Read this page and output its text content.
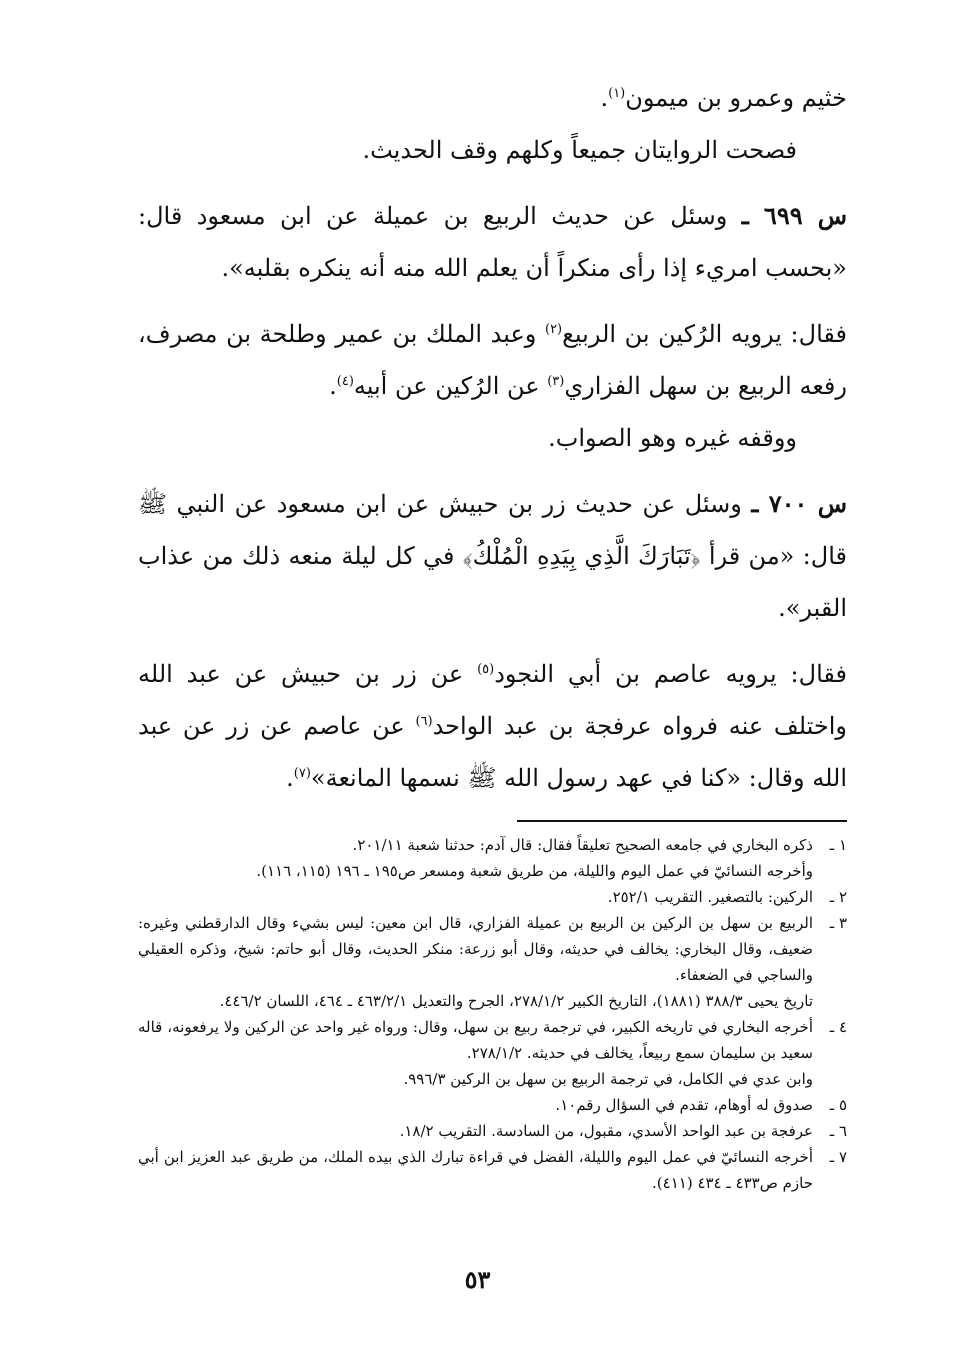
خثيم وعمرو بن ميمون$^{(١)}$.

فصحت الروايتان جميعاً وكلهم وقف الحديث.

س ٦٩٩ ـ وسئل عن حديث الربيع بن عميلة عن ابن مسعود قال: «بحسب امريء إذا رأى منكراً أن يعلم الله منه أنه ينكره بقلبه».

فقال: يرويه الرُكين بن الربيع$^{(٢)}$ وعبد الملك بن عمير وطلحة بن مصرف، رفعه الربيع بن سهل الفزاري$^{(٣)}$ عن الرُكين عن أبيه$^{(٤)}$.

ووقفه غيره وهو الصواب.

س ٧٠٠ ـ وسئل عن حديث زر بن حبيش عن ابن مسعود عن النبي ﷺ قال: «من قرأ ﴿تَبَارَكَ الَّذِي بِيَدِهِ الْمُلْكُ﴾ في كل ليلة منعه ذلك من عذاب القبر».

فقال: يرويه عاصم بن أبي النجود$^{(٥)}$ عن زر بن حبيش عن عبد الله واختلف عنه فرواه عرفجة بن عبد الواحد$^{(٦)}$ عن عاصم عن زر عن عبد الله وقال: «كنا في عهد رسول الله ﷺ نسمها المانعة»$^{(٧)}$.

١ ـ
ذكره البخاري في جامعه الصحيح تعليقاً فقال: قال آدم: حدثنا شعبة ٢٠١/١١.
وأخرجه النسائيّ في عمل اليوم والليلة، من طريق شعبة ومسعر ص١٩٥ ـ ١٩٦ (١١٥، ١١٦).
٢ ـ
الركين: بالتصغير. التقريب ٢٥٢/١.
٣ ـ
الربيع بن سهل بن الركين بن الربيع بن عميلة الفزاري، قال ابن معين: ليس بشيء وقال الدارقطني وغيره: ضعيف، وقال البخاري: يخالف في حديثه، وقال أبو زرعة: منكر الحديث، وقال أبو حاتم: شيخ، وذكره العقيلي والساجي في الضعفاء.
تاريخ يحيى ٣٨٨/٣ (١٨٨١)، التاريخ الكبير ٢٧٨/١/٢، الجرح والتعديل ٤٦٣/٢/١ ـ ٤٦٤، اللسان ٤٤٦/٢.
٤ ـ
أخرجه البخاري في تاريخه الكبير، في ترجمة ربيع بن سهل، وقال: ورواه غير واحد عن الركين ولا يرفعونه، قاله سعيد بن سليمان سمع ربيعاً، يخالف في حديثه. ٢٧٨/١/٢.
وابن عدي في الكامل، في ترجمة الربيع بن سهل بن الركين ٩٩٦/٣.
٥ ـ
صدوق له أوهام، تقدم في السؤال رقم١٠.
٦ ـ
عرفجة بن عبد الواحد الأسدي، مقبول، من السادسة. التقريب ١٨/٢.
٧ ـ
أخرجه النسائيّ في عمل اليوم والليلة، الفضل في قراءة تبارك الذي بيده الملك، من طريق عبد العزيز ابن أبي حازم ص٤٣٣ ـ ٤٣٤ (٤١١).
٥٣
